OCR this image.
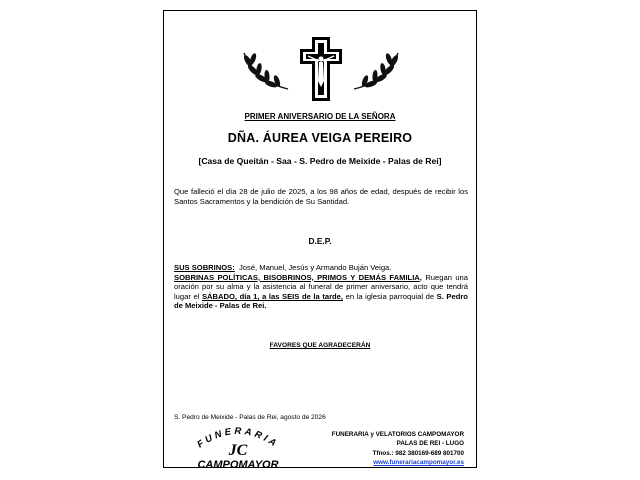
PRIMER ANIVERSARIO DE LA SEÑORA
DÑA. ÁUREA VEIGA PEREIRO
[Casa de Queitán - Saa - S. Pedro de Meixide - Palas de Rei]
Que falleció el día 28 de julio de 2025, a los 98 años de edad, después de recibir los Santos Sacramentos y la bendición de Su Santidad.
D.E.P.
SUS SOBRINOS: José, Manuel, Jesús y Armando Buján Veiga.
SOBRINAS POLÍTICAS, BISOBRINOS, PRIMOS Y DEMÁS FAMILIA, Ruegan una oración por su alma y la asistencia al funeral de primer aniversario, acto que tendrá lugar el SÁBADO, día 1, a las SEIS de la tarde, en la iglesia parroquial de S. Pedro de Meixide - Palas de Rei.
FAVORES QUE AGRADECERÁN
S. Pedro de Meixide - Palas de Rei, agosto de 2026
FUNERARIA
JC
CAMPOMAYOR
FUNERARIA y VELATORIOS CAMPOMAYOR
PALAS DE REI - LUGO
Tfnos.: 982 380169-689 801700
www.funerariacampomayor.es
